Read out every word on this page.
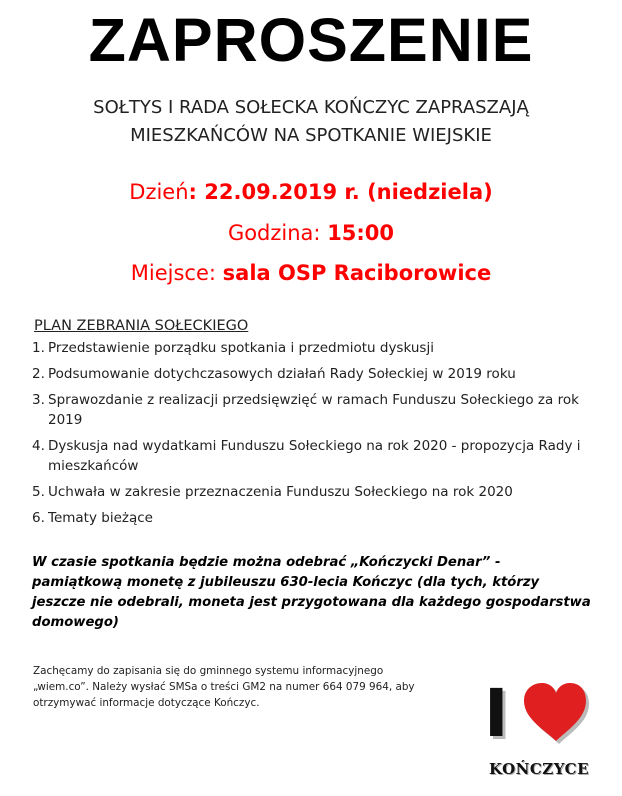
ZAPROSZENIE
SOŁTYS I RADA SOŁECKA KOŃCZYC ZAPRASZAJĄ
MIESZKAŃCÓW NA SPOTKANIE WIEJSKIE
Dzień: 22.09.2019 r. (niedziela)
Godzina: 15:00
Miejsce: sala OSP Raciborowice
PLAN ZEBRANIA SOŁECKIEGO
1. Przedstawienie porządku spotkania i przedmiotu dyskusji
2. Podsumowanie dotychczasowych działań Rady Sołeckiej w 2019 roku
3. Sprawozdanie z realizacji przedsięwzięć w ramach Funduszu Sołeckiego za rok 2019
4. Dyskusja nad wydatkami Funduszu Sołeckiego na rok 2020 - propozycja Rady i mieszkańców
5. Uchwała w zakresie przeznaczenia Funduszu Sołeckiego na rok 2020
6. Tematy bieżące
W czasie spotkania będzie można odebrać „Kończycki Denar” - pamiątkową monetę z jubileuszu 630-lecia Kończyc (dla tych, którzy jeszcze nie odebrali, moneta jest przygotowana dla każdego gospodarstwa domowego)
Zachęcamy do zapisania się do gminnego systemu informacyjnego „wiem.co”. Należy wysłać SMSa o treści GM2 na numer 664 079 964, aby otrzymywać informacje dotyczące Kończyc.	I
KOŃCZYCE
